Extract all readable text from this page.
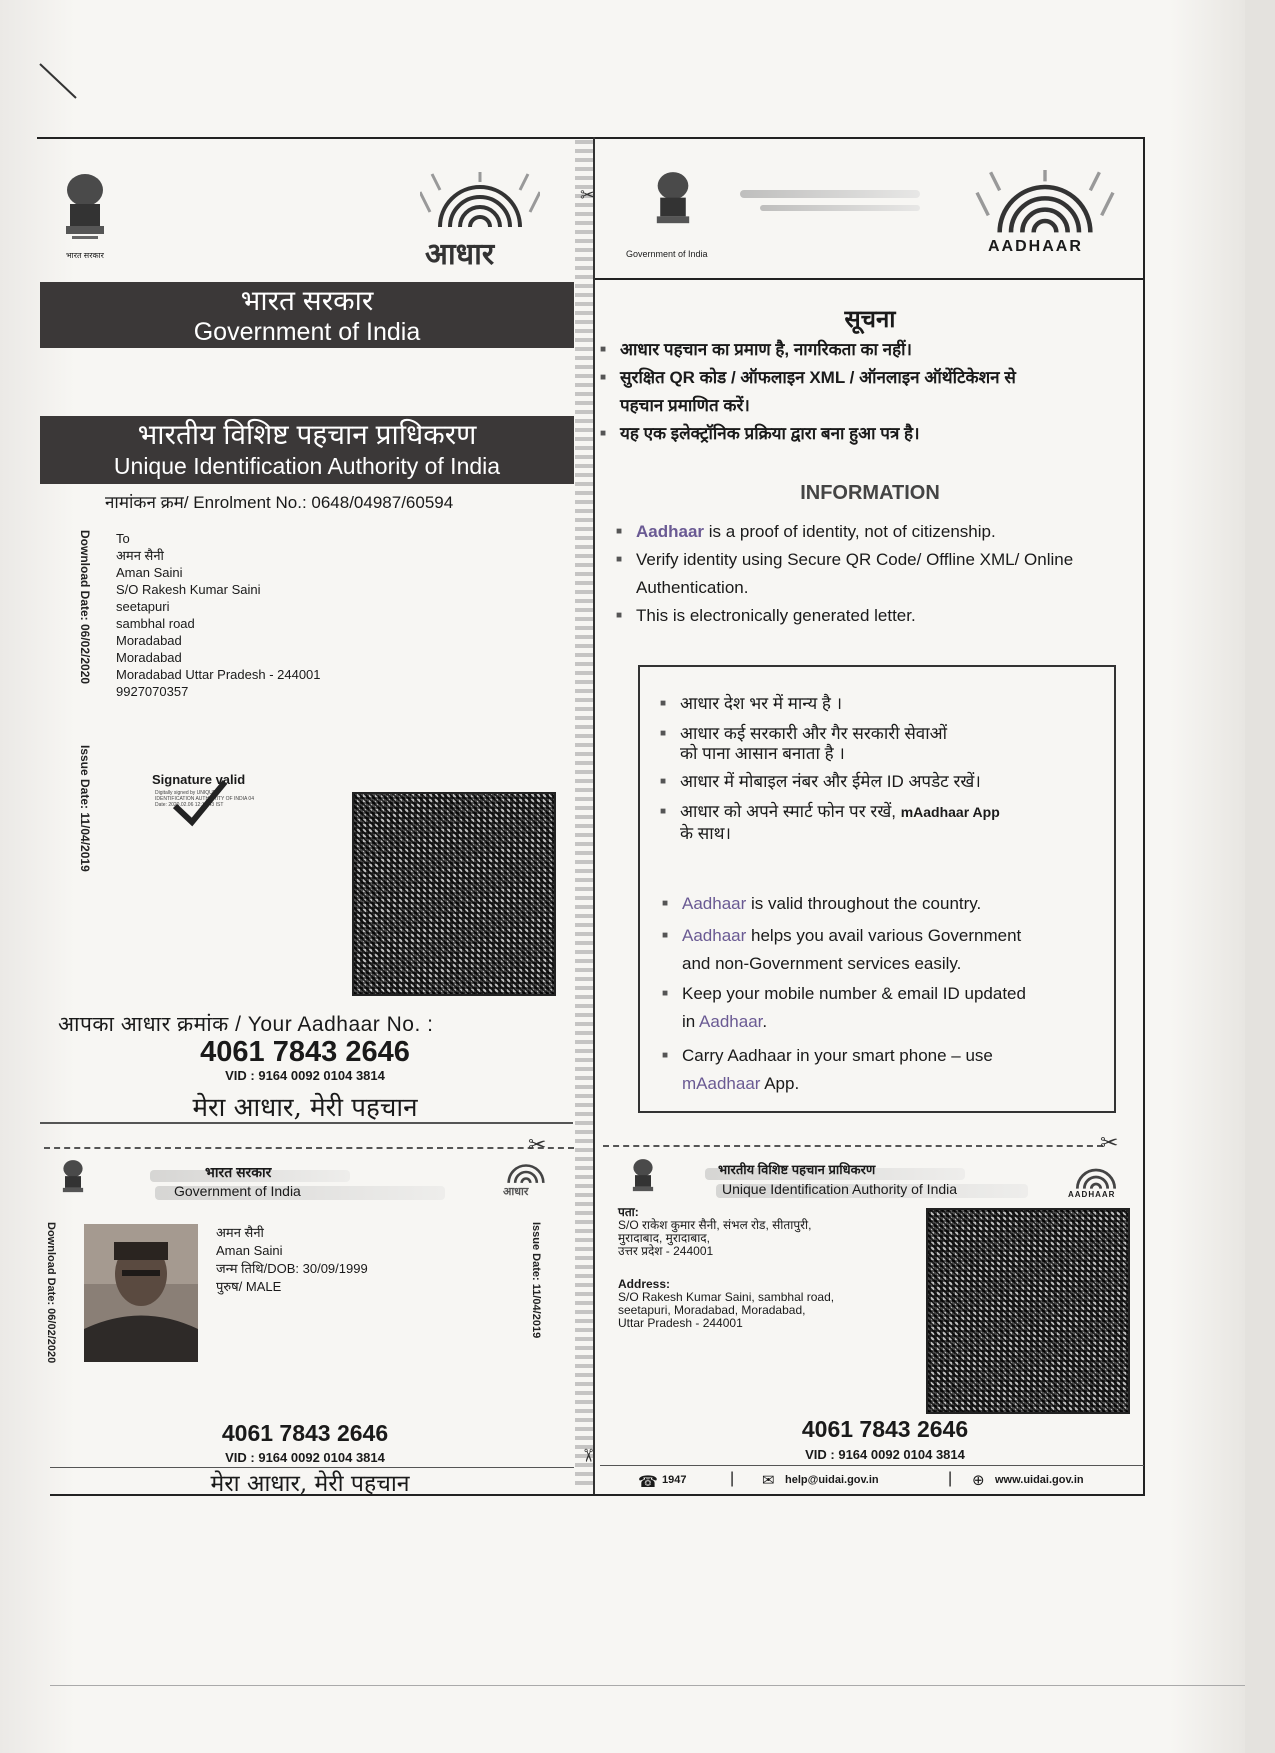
✂
✂
भारत सरकार	आधार
भारत सरकार
Government of India
भारतीय विशिष्ट पहचान प्राधिकरण
Unique Identification Authority of India
नामांकन क्रम/ Enrolment No.: 0648/04987/60594
Download Date: 06/02/2020
Issue Date: 11/04/2019
To
अमन सैनी
Aman Saini
S/O Rakesh Kumar Saini
seetapuri
sambhal road
Moradabad
Moradabad
Moradabad Uttar Pradesh - 244001
9927070357
Signature valid
Digitally signed by UNIQUE IDENTIFICATION AUTHORITY OF INDIA 04 Date: 2020.02.06 12:12:43 IST
आपका आधार क्रमांक / Your Aadhaar No. :
4061 7843 2646
VID : 9164 0092 0104 3814
मेरा आधार, मेरी पहचान
Government of India	AADHAAR
सूचना
■ आधार पहचान का प्रमाण है, नागरिकता का नहीं।
■ सुरक्षित QR कोड / ऑफलाइन XML / ऑनलाइन ऑथेंटिकेशन से
पहचान प्रमाणित करें।
■ यह एक इलेक्ट्रॉनिक प्रक्रिया द्वारा बना हुआ पत्र है।
INFORMATION
■ Aadhaar is a proof of identity, not of citizenship.
■ Verify identity using Secure QR Code/ Offline XML/ Online
Authentication.
■ This is electronically generated letter.
■ आधार देश भर में मान्य है ।
■ आधार कई सरकारी और गैर सरकारी सेवाओं
को पाना आसान बनाता है ।
■ आधार में मोबाइल नंबर और ईमेल ID अपडेट रखें।
■ आधार को अपने स्मार्ट फोन पर रखें, mAadhaar App
के साथ।
■ Aadhaar is valid throughout the country.
■ Aadhaar helps you avail various Government
and non-Government services easily.
■ Keep your mobile number & email ID updated
in Aadhaar.
■ Carry Aadhaar in your smart phone – use
mAadhaar App.
✂	✂
भारत सरकार
Government of India	आधार
Download Date: 06/02/2020	Issue Date: 11/04/2019
अमन सैनी
Aman Saini
जन्म तिथि/DOB: 30/09/1999
पुरुष/ MALE
4061 7843 2646
VID : 9164 0092 0104 3814
मेरा आधार, मेरी पहचान
भारतीय विशिष्ट पहचान प्राधिकरण
Unique Identification Authority of India	AADHAAR
पता:
S/O राकेश कुमार सैनी, संभल रोड, सीतापुरी,
मुरादाबाद, मुरादाबाद,
उत्तर प्रदेश - 244001
Address:
S/O Rakesh Kumar Saini, sambhal road,
seetapuri, Moradabad, Moradabad,
Uttar Pradesh - 244001
4061 7843 2646
VID : 9164 0092 0104 3814
☎ 1947	| ✉ help@uidai.gov.in	| ⊕ www.uidai.gov.in
